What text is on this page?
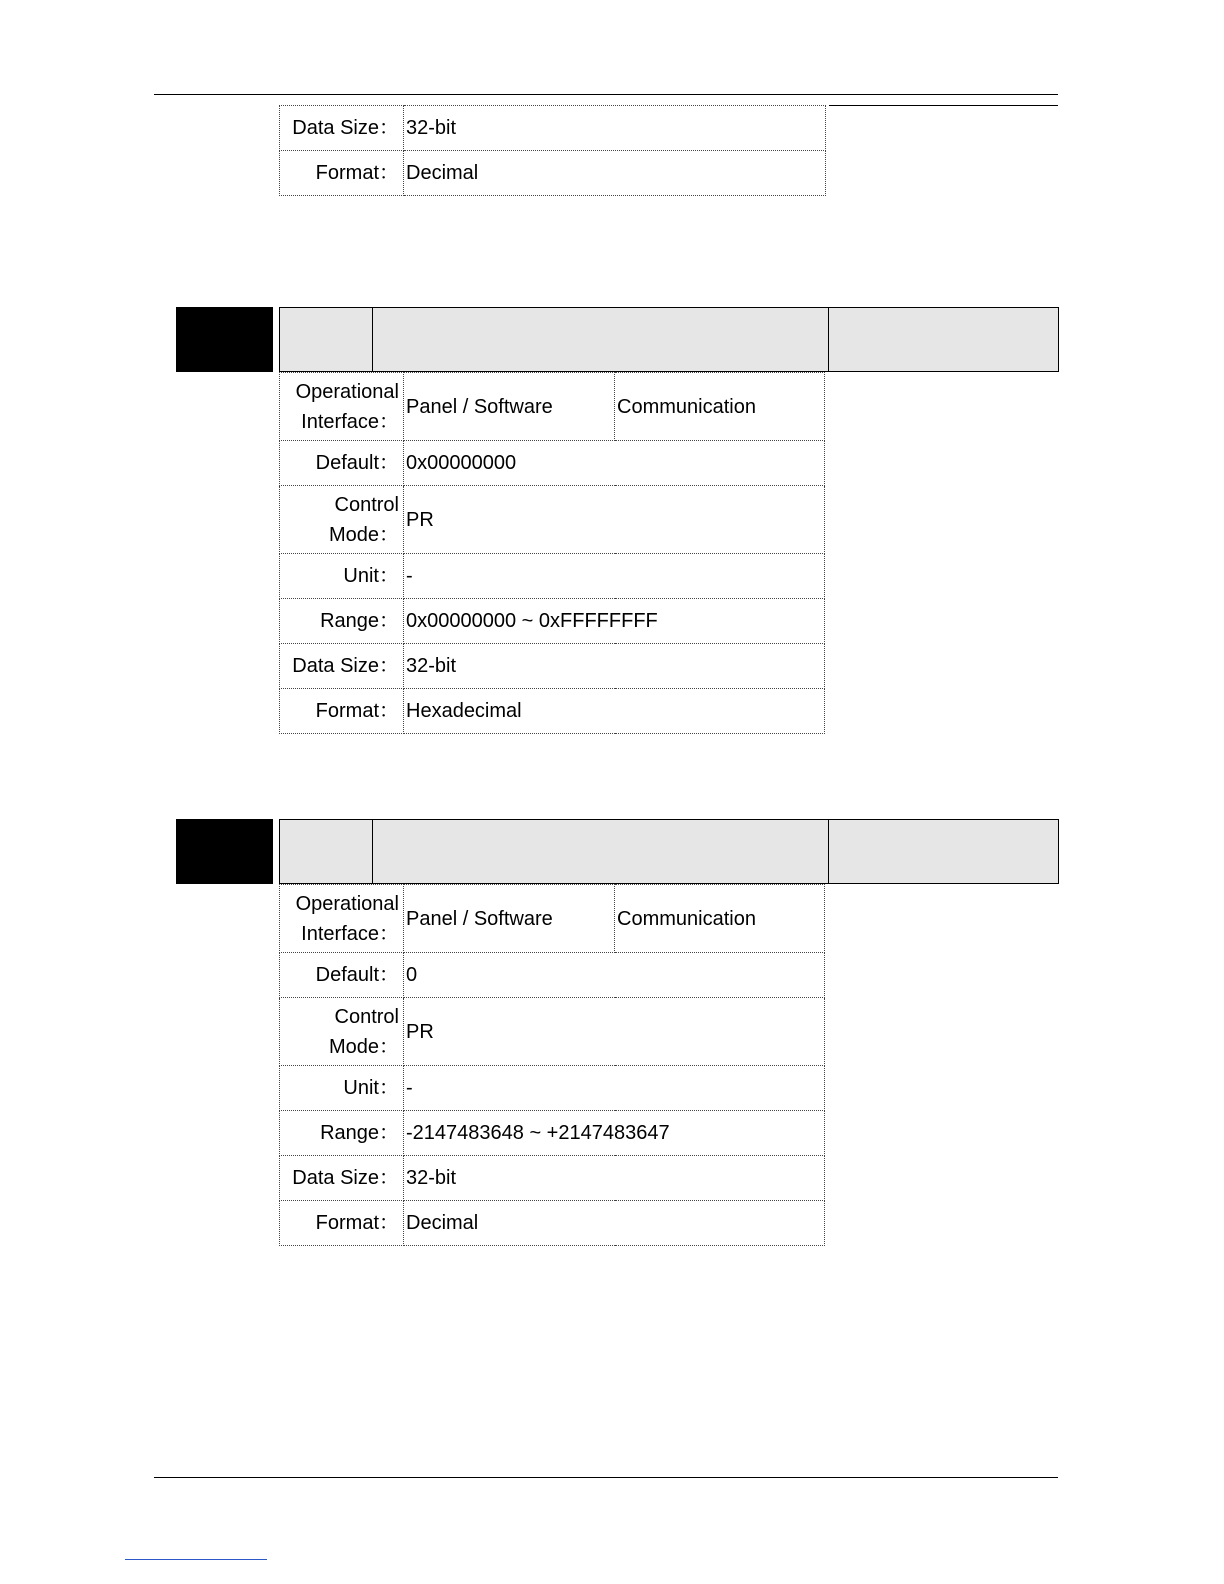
Data Size：	32-bit
Format：	Decimal
Operational
Interface：	Panel / Software	Communication
Default：	0x00000000	

Control
Mode：	PR	
Unit：	-	
Range：	0x00000000 ~ 0xFFFFFFFF	
Data Size：	32-bit	
Format：	Hexadecimal	
Operational
Interface：	Panel / Software	Communication
Default：	0	

Control
Mode：	PR	
Unit：	-	
Range：	-2147483648 ~ +2147483647	
Data Size：	32-bit	
Format：	Decimal	
